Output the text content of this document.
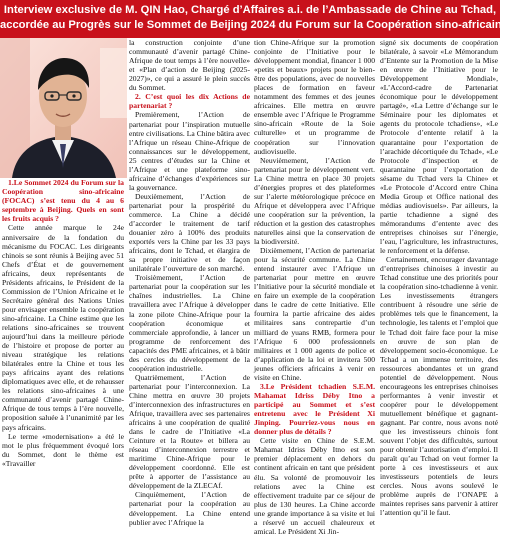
Interview exclusive de M. QIN Hao, Chargé d’Affaires a.i. de l’Ambassade de Chine au Tchad,
accordée au Progrès sur le Sommet de Beijing 2024 du Forum sur la Coopération sino-africaine

1.Le Sommet 2024 du Forum sur la Coopération sino-africaine (FOCAC) s’est tenu du 4 au 6 septembre à Beijing. Quels en sont les fruits acquis ?

Cette année marque le 24e anniversaire de la fondation du mécanisme du FOCAC. Les dirigeants chinois se sont réunis à Beijing avec 51 Chefs d’État et de gouvernement africains, deux représentants de Présidents africains, le Président de la Commission de l’Union Africaine et le Secrétaire général des Nations Unies pour envisager ensemble la coopération sino-africaine. La Chine estime que les relations sino-africaines se trouvent aujourd’hui dans la meilleure période de l’histoire et propose de porter au niveau stratégique les relations bilatérales entre la Chine et tous les pays africains ayant des relations diplomatiques avec elle, et de rehausser les relations sino-africaines à une communauté d’avenir partagé Chine-Afrique de tous temps à l’ère nouvelle, proposition saluée à l’unanimité par les pays africains.

Le terme «modernisation» a été le mot le plus fréquemment évoqué lors du Sommet, dont le thème est «Travailler

la construction conjointe d’une communauté d’avenir partagé Chine-Afrique de tout temps à l’ère nouvelle» et «Plan d’action de Beijing (2025-2027)», ce qui a assuré le plein succès du Sommet.

2. C’est quoi les dix Actions de partenariat ?

Premièrement, l’Action de partenariat pour l’inspiration mutuelle entre civilisations. La Chine bâtira avec l’Afrique un réseau Chine-Afrique de connaissances sur le développement, 25 centres d’études sur la Chine et l’Afrique et une plateforme sino-africaine d’échanges d’expériences sur la gouvernance.

Deuxièmement, l’Action de partenariat pour la prospérité du commerce. La Chine a décidé d’accorder le traitement de tarif douanier zéro à 100% des produits exportés vers la Chine par les 33 pays africains, dont le Tchad, et élargira de sa propre initiative et de façon unilatérale l’ouverture de son marché.

Troisièmement, l’Action de partenariat pour la coopération sur les chaînes industrielles. La Chine travaillera avec l’Afrique à développer la zone pilote Chine-Afrique pour la coopération économique et commerciale approfondie, à lancer un programme de renforcement des capacités des PME africaines, et à bâtir des cercles du développement de la coopération industrielle.

Quatrièmement, l’Action de partenariat pour l’interconnexion. La Chine mettra en œuvre 30 projets d’interconnexion des infrastructures en Afrique, travaillera avec ses partenaires africains à une coopération de qualité dans le cadre de l’Initiative «La Ceinture et la Route» et billera au réseau d’interconnexion terrestre et maritime Chine-Afrique pour le développement coordonné. Elle est prête à apporter de l’assistance au développement de la ZLECAf.

Cinquièmement, l’Action de partenariat pour la coopération au développement. La Chine entend publier avec l’Afrique la

tion Chine-Afrique sur la promotion conjointe de l’Initiative pour le développement mondial, financer 1 000 «petits et beaux» projets pour le bien-être des populations, avec de nouvelles places de formation en faveur notamment des femmes et des jeunes africaines. Elle mettra en œuvre ensemble avec l’Afrique le Programme sino-africain «Route de la Soie culturelle» et un programme de coopération sur l’innovation audiovisuelle.

Neuvièmement, l’Action de partenariat pour le développement vert. La Chine mettra en place 30 projets d’énergies propres et des plateformes sur l’alerte météorologique précoce en Afrique et développera avec l’Afrique une coopération sur la prévention, la réduction et la gestion des catastrophes naturelles ainsi que la conservation de la biodiversité.

Dixièmement, l’Action de partenariat pour la sécurité commune. La Chine entend instaurer avec l’Afrique un partenariat pour mettre en œuvre l’Initiative pour la sécurité mondiale et en faire un exemple de la coopération dans le cadre de cette Initiative. Elle fournira la partie africaine des aides militaires sans contrepartie d’un milliard de yuans RMB, formera pour l’Afrique 6 000 professionnels militaires et 1 000 agents de police et d’application de la loi et invitera 500 jeunes officiers africains à venir en visite en Chine.

3.Le Président tchadien S.E.M. Mahamat Idriss Déby Itno a participé au Sommet et s’est entretenu avec le Président Xi Jinping. Pourriez-vous nous en donner plus de détails ?

Cette visite en Chine de S.E.M. Mahamat Idriss Déby Itno est son premier déplacement en dehors du continent africain en tant que président élu. Sa volonté de promouvoir les relations avec la Chine est effectivement traduite par ce séjour de plus de 130 heures. La Chine accorde une grande importance à sa visite et lui a réservé un accueil chaleureux et amical. Le Président Xi Jin-

signé six documents de coopération bilatérale, à savoir «Le Mémorandum d’Entente sur la Promotion de la Mise en œuvre de l’Initiative pour le Développement Mondial», «L’Accord-cadre de Partenariat économique pour le développement partagé», «La Lettre d’échange sur le Séminaire pour les diplomates et agents du protocole tchadiens», «Le Protocole d’entente relatif à la quarantaine pour l’exportation de l’arachide décortiquée du Tchad», «Le Protocole d’inspection et de quarantaine pour l’exportation de sésame du Tchad vers la Chine» et «Le Protocole d’Accord entre China Media Group et Office national des médias audiovisuels». Par ailleurs, la partie tchadienne a signé des mémorandums d’entente avec des entreprises chinoises sur l’énergie, l’eau, l’agriculture, les infrastructures, le renforcement et la défense.

Certainement, encourager davantage d’entreprises chinoises à investir au Tchad constitue une des priorités pour la coopération sino-tchadienne à venir. Les investissements étrangers contribuent à résoudre une série de problèmes tels que le financement, la technologie, les talents et l’emploi que le Tchad doit faire face pour la mise en œuvre de son plan de développement socio-économique. Le Tchad a un immense territoire, des ressources abondantes et un grand potentiel de développement. Nous encourageons les entreprises chinoises performantes à venir investir et coopérer pour le développement mutuellement bénéfique et gagnant-gagnant. Par contre, nous avons noté que les investisseurs chinois font souvent l’objet des difficultés, surtout pour obtenir l’autorisation d’emploi. Il paraît qu’au Tchad on veut former la porte à ces investisseurs et aux investisseurs potentiels de leurs cercles. Nous avons soulevé le problème auprès de l’ONAPE à maintes reprises sans parvenir à attirer l’attention qu’il le faut.
